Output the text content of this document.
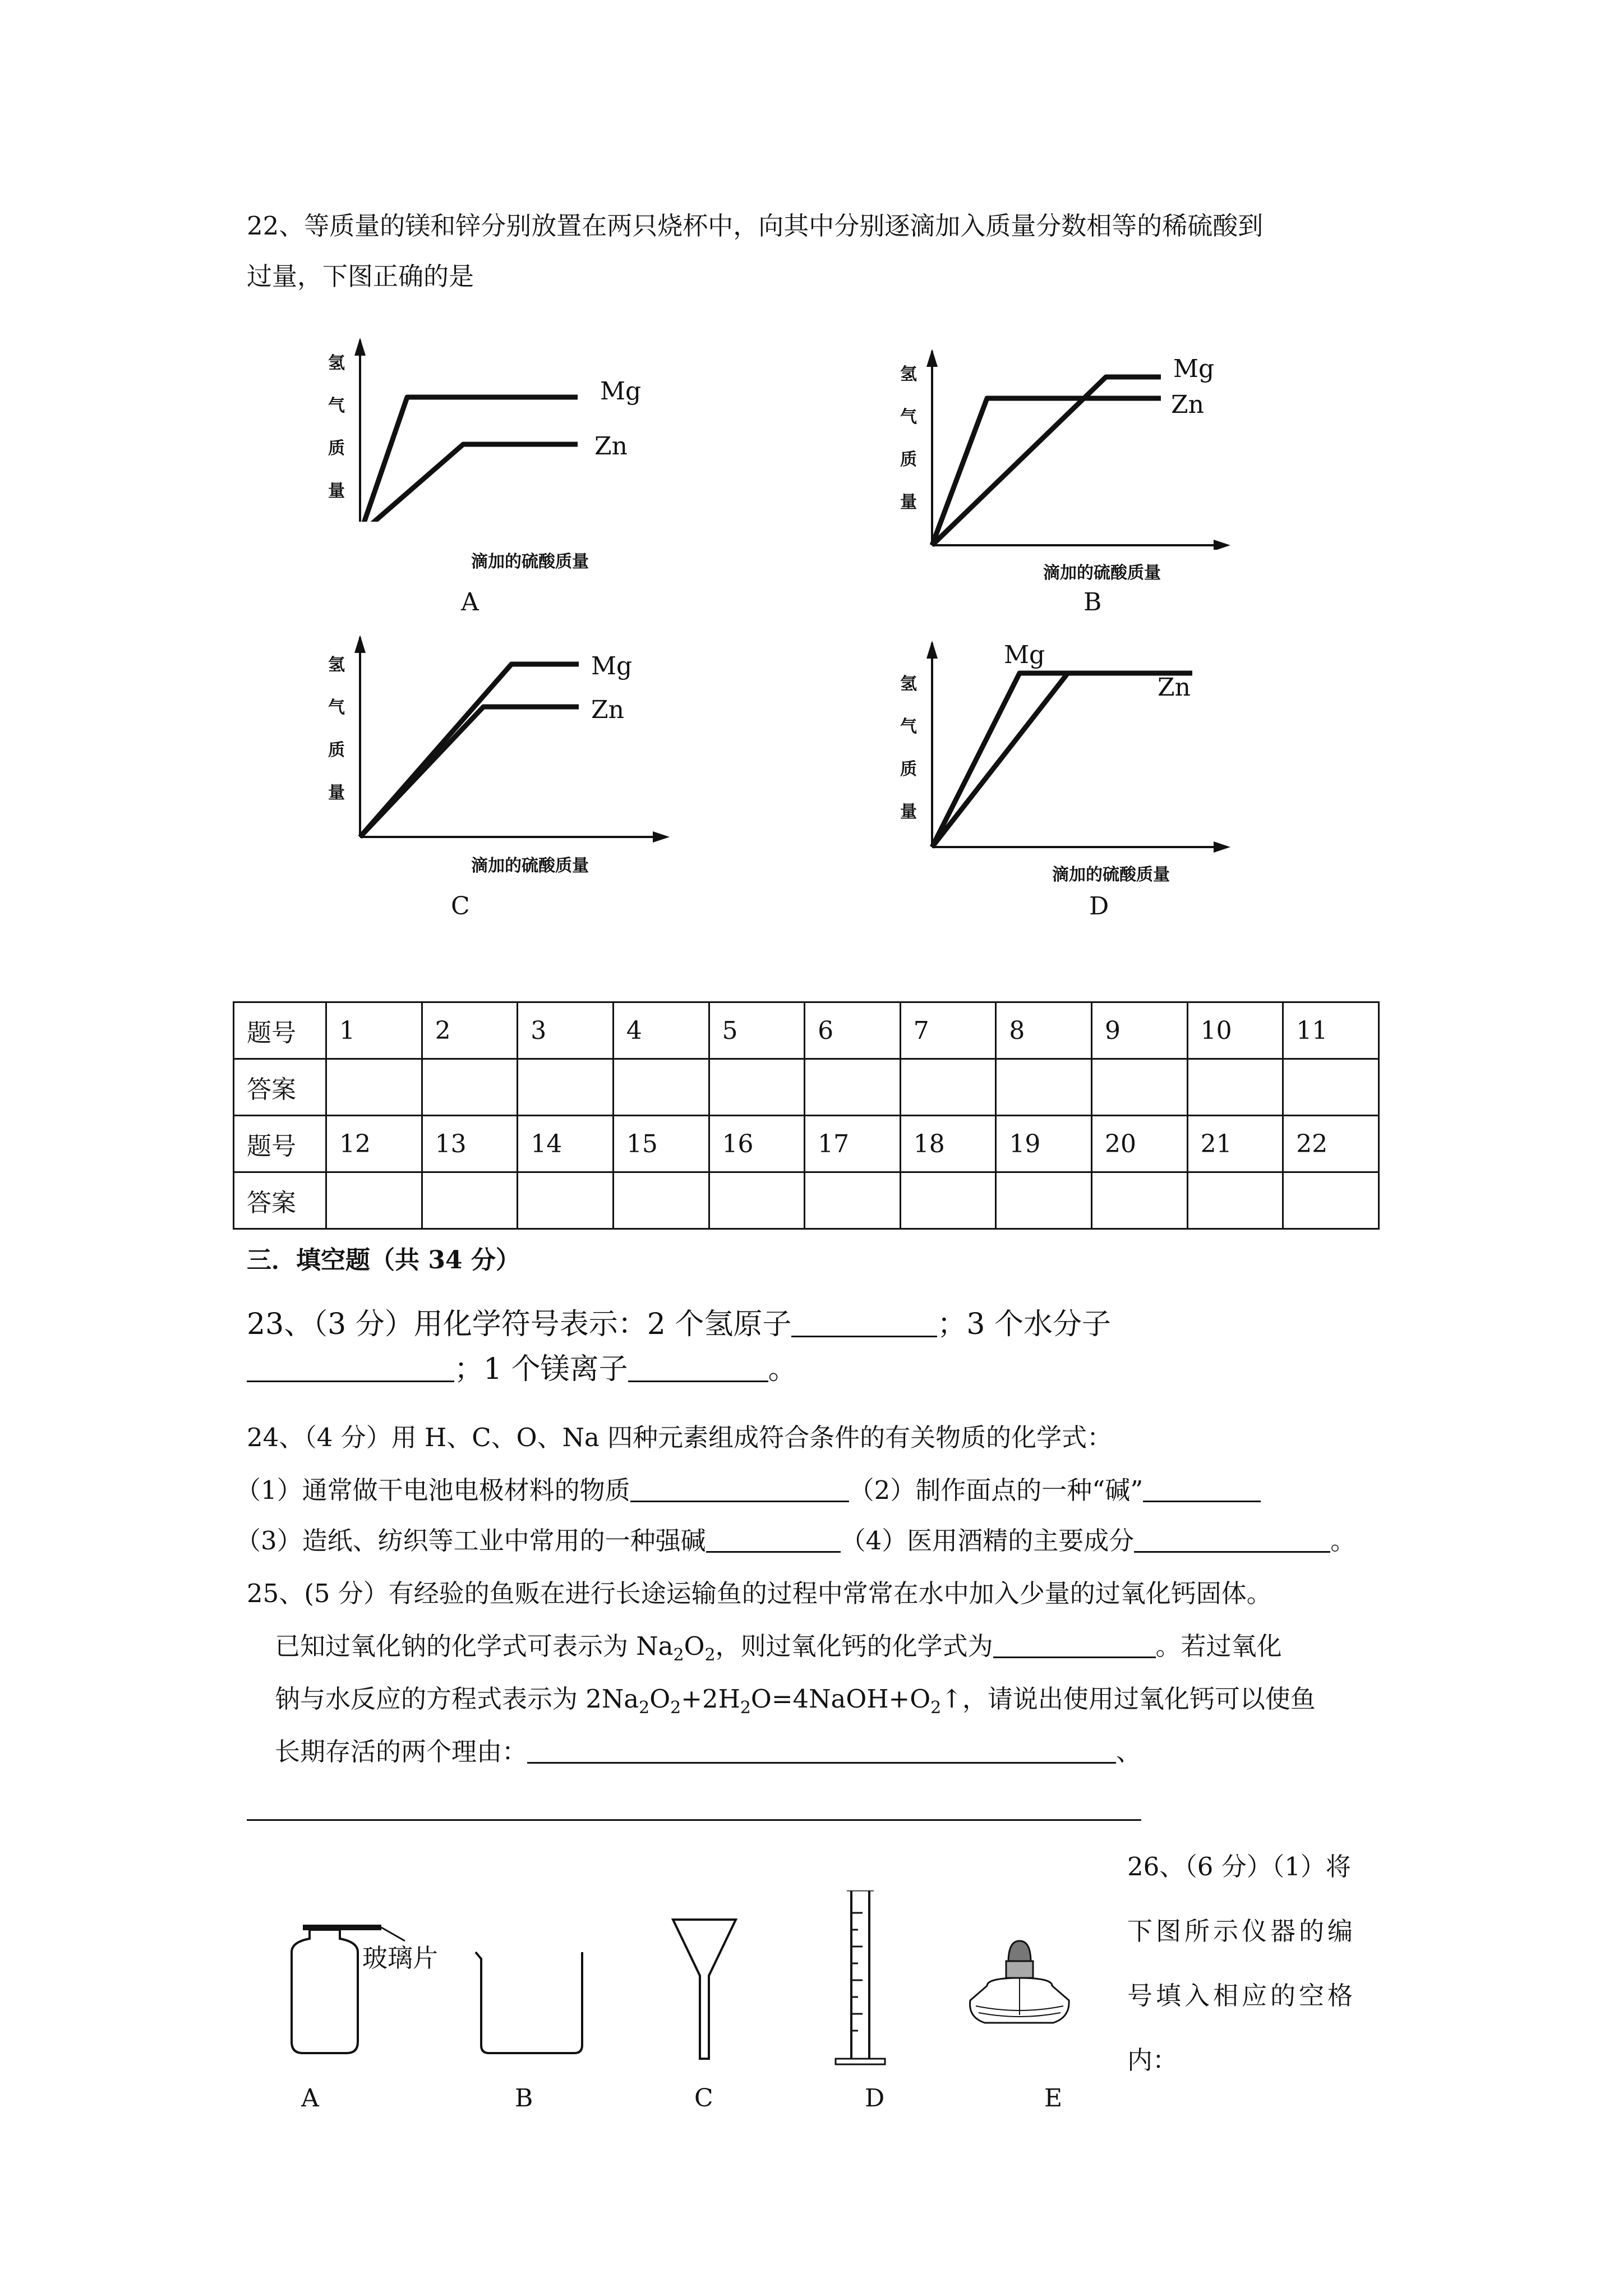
22、等质量的镁和锌分别放置在两只烧杯中，向其中分别逐滴加入质量分数相等的稀硫酸到
过量，下图正确的是
氢
气
质
量
Mg
Zn
滴加的硫酸质量
A
氢
气
质
量
Mg
Zn
滴加的硫酸质量
B
氢
气
质
量
Mg
Zn
滴加的硫酸质量
C
氢
气
质
量
Mg
Zn
滴加的硫酸质量
D
题号	1	2	3	4	5	6	7	8	9	10	11
答案											
题号	12	13	14	15	16	17	18	19	20	21	22
答案											
三．填空题（共 34 分）
23、（3 分）用化学符号表示：2 个氢原子	；3 个水分子
；1 个镁离子	。
24、（4 分）用 H、C、O、Na 四种元素组成符合条件的有关物质的化学式：
（1）通常做干电池电极材料的物质	（2）制作面点的一种“碱”
（3）造纸、纺织等工业中常用的一种强碱	（4）医用酒精的主要成分	。
25、(5 分）有经验的鱼贩在进行长途运输鱼的过程中常常在水中加入少量的过氧化钙固体。
已知过氧化钠的化学式可表示为 $Na_2O_2$，则过氧化钙的化学式为	。若过氧化
钠与水反应的方程式表示为 $2Na_2O_2+2H_2O=4NaOH+O_2↑$，请说出使用过氧化钙可以使鱼
长期存活的两个理由：	、
26、（6 分）（1）将
下图所示仪器的编
号填入相应的空格
内：
玻璃片
A	B	C	D	E
